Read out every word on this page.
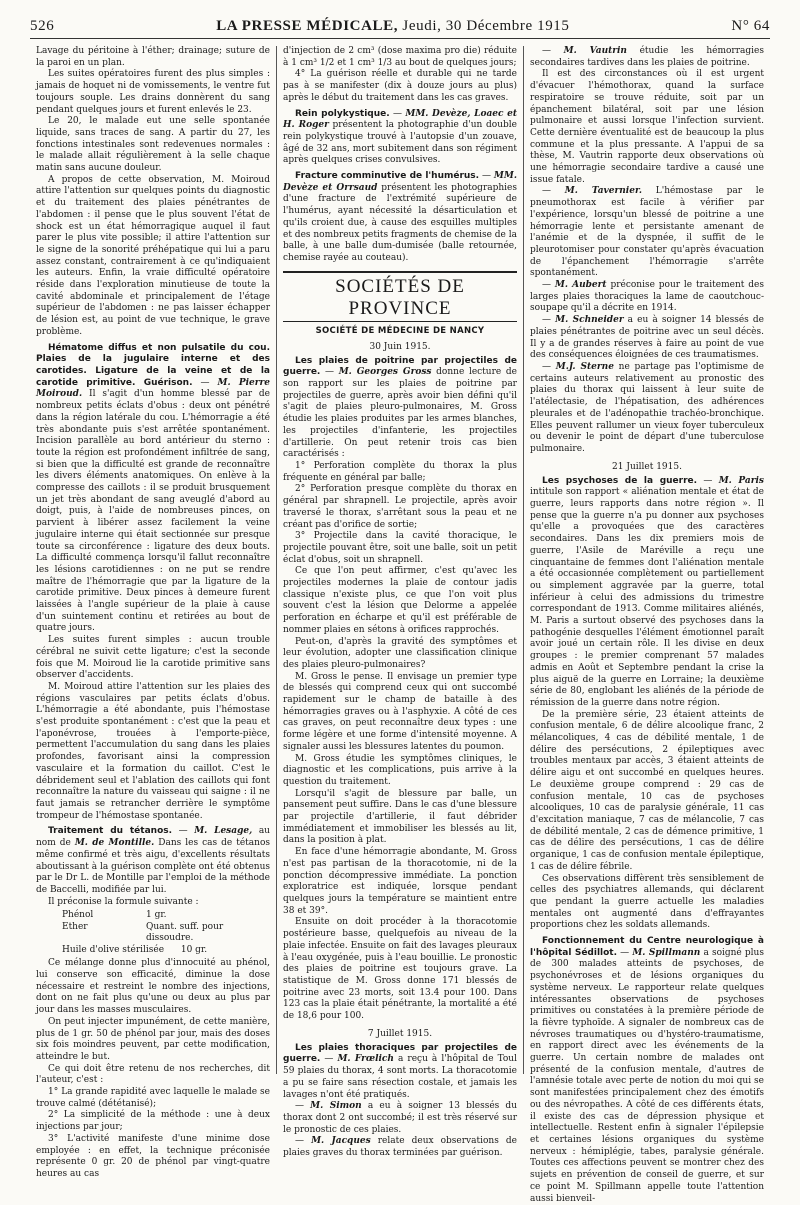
526	LA PRESSE MÉDICALE, Jeudi, 30 Décembre 1915	N° 64

Lavage du péritoine à l'éther; drainage; suture de la paroi en un plan.

Les suites opératoires furent des plus simples : jamais de hoquet ni de vomissements, le ventre fut toujours souple. Les drains donnèrent du sang pendant quelques jours et furent enlevés le 23.

Le 20, le malade eut une selle spontanée liquide, sans traces de sang. A partir du 27, les fonctions intestinales sont redevenues normales : le malade allait régulièrement à la selle chaque matin sans aucune douleur.

A propos de cette observation, M. Moiroud attire l'attention sur quelques points du diagnostic et du traitement des plaies pénétrantes de l'abdomen : il pense que le plus souvent l'état de shock est un état hémorragique auquel il faut parer le plus vite possible; il attire l'attention sur le signe de la sonorité préhépatique qui lui a paru assez constant, contrairement à ce qu'indiquaient les auteurs. Enfin, la vraie difficulté opératoire réside dans l'exploration minutieuse de toute la cavité abdominale et principalement de l'étage supérieur de l'abdomen : ne pas laisser échapper de lésion est, au point de vue technique, le grave problème.

Hématome diffus et non pulsatile du cou. Plaies de la jugulaire interne et des carotides. Ligature de la veine et de la carotide primitive. Guérison. — M. Pierre Moiroud. Il s'agit d'un homme blessé par de nombreux petits éclats d'obus : deux ont pénétré dans la région latérale du cou. L'hémorragie a été très abondante puis s'est arrêtée spontanément. Incision parallèle au bord antérieur du sterno : toute la région est profondément infiltrée de sang, si bien que la difficulté est grande de reconnaître les divers éléments anatomiques. On enlève à la compresse des caillots : il se produit brusquement un jet très abondant de sang aveuglé d'abord au doigt, puis, à l'aide de nombreuses pinces, on parvient à libérer assez facilement la veine jugulaire interne qui était sectionnée sur presque toute sa circonférence : ligature des deux bouts. La difficulté commença lorsqu'il fallut reconnaître les lésions carotidiennes : on ne put se rendre maître de l'hémorragie que par la ligature de la carotide primitive. Deux pinces à demeure furent laissées à l'angle supérieur de la plaie à cause d'un suintement continu et retirées au bout de quatre jours.

Les suites furent simples : aucun trouble cérébral ne suivit cette ligature; c'est la seconde fois que M. Moiroud lie la carotide primitive sans observer d'accidents.

M. Moiroud attire l'attention sur les plaies des régions vasculaires par petits éclats d'obus. L'hémorragie a été abondante, puis l'hémostase s'est produite spontanément : c'est que la peau et l'aponévrose, trouées à l'emporte-pièce, permettent l'accumulation du sang dans les plaies profondes, favorisant ainsi la compression vasculaire et la formation du caillot. C'est le débridement seul et l'ablation des caillots qui font reconnaître la nature du vaisseau qui saigne : il ne faut jamais se retrancher derrière le symptôme trompeur de l'hémostase spontanée.

Traitement du tétanos. — M. Lesage, au nom de M. de Montille. Dans les cas de tétanos même confirmé et très aigu, d'excellents résultats aboutissant à la guérison complète ont été obtenus par le Dr L. de Montille par l'emploi de la méthode de Baccelli, modifiée par lui.

Il préconise la formule suivante :

Phénol	1 gr.
Ether	Quant. suff. pour dissoudre.
Huile d'olive stérilisée	10 gr.

Ce mélange donne plus d'innocuité au phénol, lui conserve son efficacité, diminue la dose nécessaire et restreint le nombre des injections, dont on ne fait plus qu'une ou deux au plus par jour dans les masses musculaires.

On peut injecter impunément, de cette manière, plus de 1 gr. 50 de phénol par jour, mais des doses six fois moindres peuvent, par cette modification, atteindre le but.

Ce qui doit être retenu de nos recherches, dit l'auteur, c'est :

1° La grande rapidité avec laquelle le malade se trouve calmé (dététanisé);

2° La simplicité de la méthode : une à deux injections par jour;

3° L'activité manifeste d'une minime dose employée : en effet, la technique préconisée représente 0 gr. 20 de phénol par vingt-quatre heures au cas

d'injection de 2 cm³ (dose maxima pro die) réduite à 1 cm³ 1/2 et 1 cm³ 1/3 au bout de quelques jours;

4° La guérison réelle et durable qui ne tarde pas à se manifester (dix à douze jours au plus) après le début du traitement dans les cas graves.

Rein polykystique. — MM. Devèze, Loaec et H. Roger présentent la photographie d'un double rein polykystique trouvé à l'autopsie d'un zouave, âgé de 32 ans, mort subitement dans son régiment après quelques crises convulsives.

Fracture comminutive de l'humérus. — MM. Devèze et Orrsaud présentent les photographies d'une fracture de l'extrémité supérieure de l'humérus, ayant nécessité la désarticulation et qu'ils croient due, à cause des esquilles multiples et des nombreux petits fragments de chemise de la balle, à une balle dum-dumisée (balle retournée, chemise rayée au couteau).

SOCIÉTÉS DE PROVINCE
SOCIÉTÉ DE MÉDECINE DE NANCY
30 Juin 1915.

Les plaies de poitrine par projectiles de guerre. — M. Georges Gross donne lecture de son rapport sur les plaies de poitrine par projectiles de guerre, après avoir bien défini qu'il s'agit de plaies pleuro-pulmonaires, M. Gross étudie les plaies produites par les armes blanches, les projectiles d'infanterie, les projectiles d'artillerie. On peut retenir trois cas bien caractérisés :

1° Perforation complète du thorax la plus fréquente en général par balle;

2° Perforation presque complète du thorax en général par shrapnell. Le projectile, après avoir traversé le thorax, s'arrêtant sous la peau et ne créant pas d'orifice de sortie;

3° Projectile dans la cavité thoracique, le projectile pouvant être, soit une balle, soit un petit éclat d'obus, soit un shrapnell.

Ce que l'on peut affirmer, c'est qu'avec les projectiles modernes la plaie de contour jadis classique n'existe plus, ce que l'on voit plus souvent c'est la lésion que Delorme a appelée perforation en écharpe et qu'il est préférable de nommer plaies en sétons à orifices rapprochés.

Peut-on, d'après la gravité des symptômes et leur évolution, adopter une classification clinique des plaies pleuro-pulmonaires?

M. Gross le pense. Il envisage un premier type de blessés qui comprend ceux qui ont succombé rapidement sur le champ de bataille à des hémorragies graves ou à l'asphyxie. A côté de ces cas graves, on peut reconnaître deux types : une forme légère et une forme d'intensité moyenne. A signaler aussi les blessures latentes du poumon.

M. Gross étudie les symptômes cliniques, le diagnostic et les complications, puis arrive à la question du traitement.

Lorsqu'il s'agit de blessure par balle, un pansement peut suffire. Dans le cas d'une blessure par projectile d'artillerie, il faut débrider immédiatement et immobiliser les blessés au lit, dans la position à plat.

En face d'une hémorragie abondante, M. Gross n'est pas partisan de la thoracotomie, ni de la ponction décompressive immédiate. La ponction exploratrice est indiquée, lorsque pendant quelques jours la température se maintient entre 38 et 39°.

Ensuite on doit procéder à la thoracotomie postérieure basse, quelquefois au niveau de la plaie infectée. Ensuite on fait des lavages pleuraux à l'eau oxygénée, puis à l'eau bouillie. Le pronostic des plaies de poitrine est toujours grave. La statistique de M. Gross donne 171 blessés de poitrine avec 23 morts, soit 13.4 pour 100. Dans 123 cas la plaie était pénétrante, la mortalité a été de 18,6 pour 100.

7 Juillet 1915.

Les plaies thoraciques par projectiles de guerre. — M. Frœlich a reçu à l'hôpital de Toul 59 plaies du thorax, 4 sont morts. La thoracotomie a pu se faire sans résection costale, et jamais les lavages n'ont été pratiqués.

— M. Simon a eu à soigner 13 blessés du thorax dont 2 ont succombé; il est très réservé sur le pronostic de ces plaies.

— M. Jacques relate deux observations de plaies graves du thorax terminées par guérison.

— M. Vautrin étudie les hémorragies secondaires tardives dans les plaies de poitrine.

Il est des circonstances où il est urgent d'évacuer l'hémothorax, quand la surface respiratoire se trouve réduite, soit par un épanchement bilatéral, soit par une lésion pulmonaire et aussi lorsque l'infection survient. Cette dernière éventualité est de beaucoup la plus commune et la plus pressante. A l'appui de sa thèse, M. Vautrin rapporte deux observations où une hémorragie secondaire tardive a causé une issue fatale.

— M. Tavernier. L'hémostase par le pneumothorax est facile à vérifier par l'expérience, lorsqu'un blessé de poitrine a une hémorragie lente et persistante amenant de l'anémie et de la dyspnée, il suffit de le pleurotomiser pour constater qu'après évacuation de l'épanchement l'hémorragie s'arrête spontanément.

— M. Aubert préconise pour le traitement des larges plaies thoraciques la lame de caoutchouc-soupape qu'il a décrite en 1914.

— M. Schneider a eu à soigner 14 blessés de plaies pénétrantes de poitrine avec un seul décès. Il y a de grandes réserves à faire au point de vue des conséquences éloignées de ces traumatismes.

— M.J. Sterne ne partage pas l'optimisme de certains auteurs relativement au pronostic des plaies du thorax qui laissent à leur suite de l'atélectasie, de l'hépatisation, des adhérences pleurales et de l'adénopathie trachéo-bronchique. Elles peuvent rallumer un vieux foyer tuberculeux ou devenir le point de départ d'une tuberculose pulmonaire.

21 Juillet 1915.

Les psychoses de la guerre. — M. Paris intitule son rapport « aliénation mentale et état de guerre, leurs rapports dans notre région ». Il pense que la guerre n'a pu donner aux psychoses qu'elle a provoquées que des caractères secondaires. Dans les dix premiers mois de guerre, l'Asile de Maréville a reçu une cinquantaine de femmes dont l'aliénation mentale a été occasionnée complètement ou partiellement ou simplement aggravée par la guerre, total inférieur à celui des admissions du trimestre correspondant de 1913. Comme militaires aliénés, M. Paris a surtout observé des psychoses dans la pathogénie desquelles l'élément émotionnel paraît avoir joué un certain rôle. Il les divise en deux groupes : le premier comprenant 57 malades admis en Août et Septembre pendant la crise la plus aiguë de la guerre en Lorraine; la deuxième série de 80, englobant les aliénés de la période de rémission de la guerre dans notre région.

De la première série, 23 étaient atteints de confusion mentale, 6 de délire alcoolique franc, 2 mélancoliques, 4 cas de débilité mentale, 1 de délire des persécutions, 2 épileptiques avec troubles mentaux par accès, 3 étaient atteints de délire aigu et ont succombé en quelques heures. Le deuxième groupe comprend : 29 cas de confusion mentale, 10 cas de psychoses alcooliques, 10 cas de paralysie générale, 11 cas d'excitation maniaque, 7 cas de mélancolie, 7 cas de débilité mentale, 2 cas de démence primitive, 1 cas de délire des persécutions, 1 cas de délire organique, 1 cas de confusion mentale épileptique, 1 cas de délire fébrile.

Ces observations diffèrent très sensiblement de celles des psychiatres allemands, qui déclarent que pendant la guerre actuelle les maladies mentales ont augmenté dans d'effrayantes proportions chez les soldats allemands.

Fonctionnement du Centre neurologique à l'hôpital Sédillot. — M. Spillmann a soigné plus de 300 malades atteints de psychoses, de psychonévroses et de lésions organiques du système nerveux. Le rapporteur relate quelques intéressantes observations de psychoses primitives ou constatées à la première période de la fièvre typhoïde. A signaler de nombreux cas de névroses traumatiques ou d'hystéro-traumatisme, en rapport direct avec les événements de la guerre. Un certain nombre de malades ont présenté de la confusion mentale, d'autres de l'amnésie totale avec perte de notion du moi qui se sont manifestées principalement chez des émotifs ou des névropathes. A côté de ces différents états, il existe des cas de dépression physique et intellectuelle. Restent enfin à signaler l'épilepsie et certaines lésions organiques du système nerveux : hémiplégie, tabes, paralysie générale. Toutes ces affections peuvent se montrer chez des sujets en prévention de conseil de guerre, et sur ce point M. Spillmann appelle toute l'attention aussi bienveil-
